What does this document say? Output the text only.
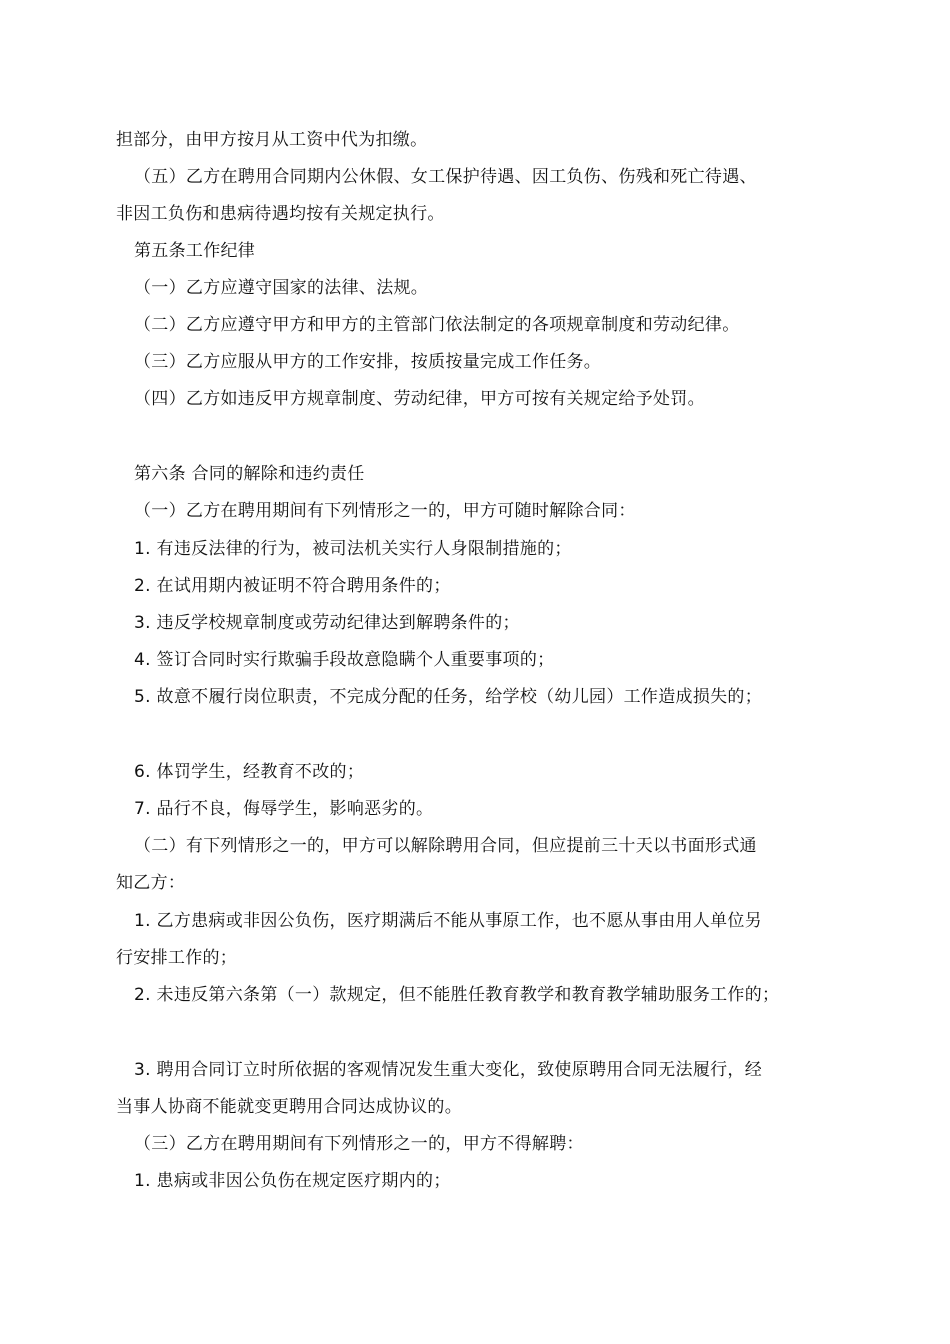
担部分，由甲方按月从工资中代为扣缴。
（五）乙方在聘用合同期内公休假、女工保护待遇、因工负伤、伤残和死亡待遇、
非因工负伤和患病待遇均按有关规定执行。
第五条工作纪律
（一）乙方应遵守国家的法律、法规。
（二）乙方应遵守甲方和甲方的主管部门依法制定的各项规章制度和劳动纪律。
（三）乙方应服从甲方的工作安排，按质按量完成工作任务。
（四）乙方如违反甲方规章制度、劳动纪律，甲方可按有关规定给予处罚。
第六条 合同的解除和违约责任
（一）乙方在聘用期间有下列情形之一的，甲方可随时解除合同：
1. 有违反法律的行为，被司法机关实行人身限制措施的；
2. 在试用期内被证明不符合聘用条件的；
3. 违反学校规章制度或劳动纪律达到解聘条件的；
4. 签订合同时实行欺骗手段故意隐瞒个人重要事项的；
5. 故意不履行岗位职责，不完成分配的任务，给学校（幼儿园）工作造成损失的；
6. 体罚学生，经教育不改的；
7. 品行不良，侮辱学生，影响恶劣的。
（二）有下列情形之一的，甲方可以解除聘用合同，但应提前三十天以书面形式通
知乙方：
1. 乙方患病或非因公负伤，医疗期满后不能从事原工作，也不愿从事由用人单位另
行安排工作的；
2. 未违反第六条第（一）款规定，但不能胜任教育教学和教育教学辅助服务工作的；
3. 聘用合同订立时所依据的客观情况发生重大变化，致使原聘用合同无法履行，经
当事人协商不能就变更聘用合同达成协议的。
（三）乙方在聘用期间有下列情形之一的，甲方不得解聘：
1. 患病或非因公负伤在规定医疗期内的；
